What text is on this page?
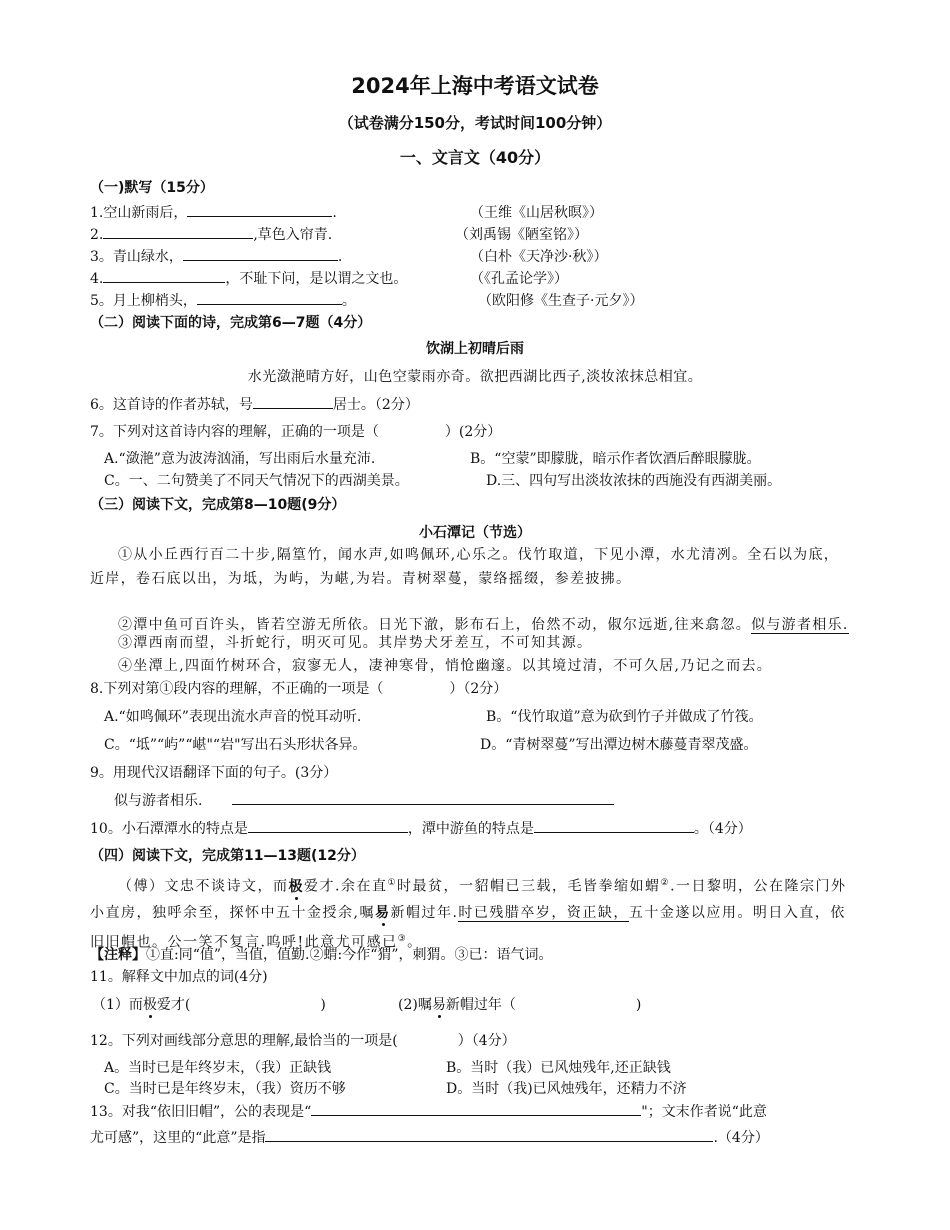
2024年上海中考语文试卷
（试卷满分150分，考试时间100分钟）
一、文言文（40分）
（一)默写（15分）
1.空山新雨后，	.	（王维《山居秋暝》）
2.	,草色入帘青.	（刘禹锡《陋室铭》）
3。青山绿水，	.	（白朴《天净沙·秋》）
4.	，不耻下问，是以谓之文也。	（《孔孟论学》）
5。月上柳梢头，	。	（欧阳修《生查子·元夕》）
（二）阅读下面的诗，完成第6—7题（4分）
饮湖上初晴后雨
水光潋滟晴方好，山色空蒙雨亦奇。欲把西湖比西子,淡妆浓抹总相宜。
6。这首诗的作者苏轼，号	居士。（2分）
7。下列对这首诗内容的理解，正确的一项是（	）(2分）
A.“潋滟”意为波涛汹涌，写出雨后水量充沛.	B。“空蒙”即朦胧，暗示作者饮酒后醉眼朦胧。
C。一、二句赞美了不同天气情况下的西湖美景。	D.三、四句写出淡妆浓抹的西施没有西湖美丽。
（三）阅读下文，完成第8—10题(9分）
小石潭记（节选）
①从小丘西行百二十步,隔篁竹，闻水声,如鸣佩环,心乐之。伐竹取道，下见小潭，水尤清冽。全石以为底，近岸，卷石底以出，为坻，为屿，为嵁,为岩。青树翠蔓，蒙络摇缀，参差披拂。
②潭中鱼可百许头，皆若空游无所依。日光下澈，影布石上，佁然不动，俶尔远逝,往来翕忽。似与游者相乐.
③潭西南而望，斗折蛇行，明灭可见。其岸势犬牙差互，不可知其源。
④坐潭上,四面竹树环合，寂寥无人，凄神寒骨，悄怆幽邃。以其境过清，不可久居,乃记之而去。
8.下列对第①段内容的理解，不正确的一项是（	）（2分）
A.“如鸣佩环”表现出流水声音的悦耳动听.	B。“伐竹取道”意为砍到竹子并做成了竹筏。
C。“坻”“屿”“嵁"“岩"写出石头形状各异。	D。“青树翠蔓”写出潭边树木藤蔓青翠茂盛。
9。用现代汉语翻译下面的句子。(3分）
似与游者相乐.
10。小石潭潭水的特点是	，潭中游鱼的特点是	。（4分）
（四）阅读下文，完成第11—13题(12分）
（傅）文忠不谈诗文，而极爱才.余在直①时最贫，一貂帽已三载，毛皆拳缩如蝟②.一日黎明，公在隆宗门外小直房，独呼余至，探怀中五十金授余,嘱易新帽过年.时已残腊卒岁，资正缺，五十金遂以应用。明日入直，依旧旧帽也。公一笑不复言.呜呼!此意尤可感已③。
【注释】①直:同“值”，当值，值勤.②蝟:今作“猬”，刺猬。③已：语气词。
11。解释文中加点的词(4分)
（1）而极爱才(	)	(2)嘱易新帽过年（	)
12。下列对画线部分意思的理解,最恰当的一项是(	）（4分）
A。当时已是年终岁末，（我）正缺钱	B。当时（我）已风烛残年,还正缺钱
C。当时已是年终岁末，（我）资历不够	D。当时（我)已风烛残年，还精力不济
13。对我“依旧旧帽”，公的表现是“	"；文末作者说“此意
尤可感”，这里的“此意”是指	.（4分）
